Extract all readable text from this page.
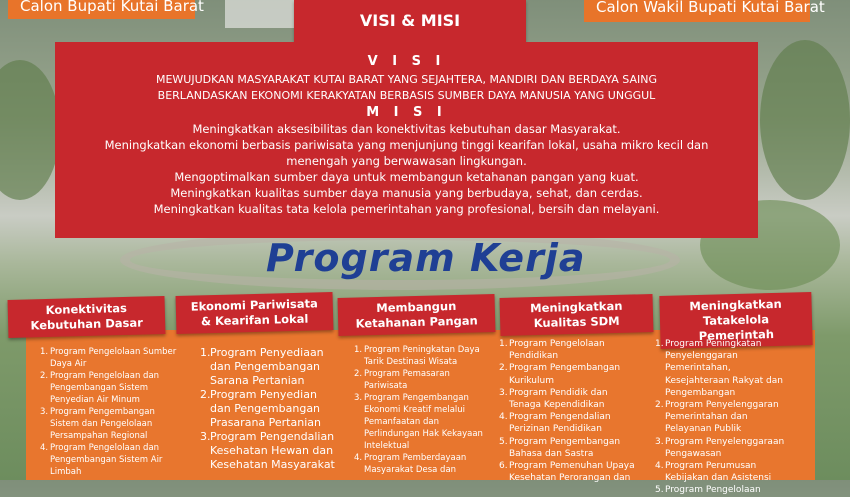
Calon Bupati Kutai Barat	Calon Wakil Bupati Kutai Barat
VISI & MISI
V I S I
MEWUJUDKAN MASYARAKAT KUTAI BARAT YANG SEJAHTERA, MANDIRI DAN BERDAYA SAING
BERLANDASKAN EKONOMI KERAKYATAN BERBASIS SUMBER DAYA MANUSIA YANG UNGGUL
M I S I
Meningkatkan aksesibilitas dan konektivitas kebutuhan dasar Masyarakat.
Meningkatkan ekonomi berbasis pariwisata yang menjunjung tinggi kearifan lokal, usaha mikro kecil dan
menengah yang berwawasan lingkungan.
Mengoptimalkan sumber daya untuk membangun ketahanan pangan yang kuat.
Meningkatkan kualitas sumber daya manusia yang berbudaya, sehat, dan cerdas.
Meningkatkan kualitas tata kelola pemerintahan yang profesional, bersih dan melayani.
Program Kerja
Konektivitas
Kebutuhan Dasar
Ekonomi Pariwisata
& Kearifan Lokal
Membangun
Ketahanan Pangan
Meningkatkan
Kualitas SDM
Meningkatkan
Tatakelola Pemerintah
1. Program Pengelolaan Sumber Daya Air
2. Program Pengelolaan dan Pengembangan Sistem Penyedian Air Minum
3. Program Pengembangan Sistem dan Pengelolaan Persampahan Regional
4. Program Pengelolaan dan Pengembangan Sistem Air Limbah
1. Program Penyediaan dan Pengembangan Sarana Pertanian
2. Program Penyedian dan Pengembangan Prasarana Pertanian
3. Program Pengendalian Kesehatan Hewan dan Kesehatan Masyarakat
1. Program Peningkatan Daya Tarik Destinasi Wisata
2. Program Pemasaran Pariwisata
3. Program Pengembangan Ekonomi Kreatif melalui Pemanfaatan dan Perlindungan Hak Kekayaan Intelektual
4. Program Pemberdayaan Masyarakat Desa dan
1. Program Pengelolaan Pendidikan
2. Program Pengembangan Kurikulum
3. Program Pendidik dan Tenaga Kependidikan
4. Program Pengendalian Perizinan Pendidikan
5. Program Pengembangan Bahasa dan Sastra
6. Program Pemenuhan Upaya Kesehatan Perorangan dan
1. Program Peningkatan Penyelenggaran Pemerintahan, Kesejahteraan Rakyat dan Pengembangan
2. Program Penyelenggaran Pemerintahan dan Pelayanan Publik
3. Program Penyelenggaraan Pengawasan
4. Program Perumusan Kebijakan dan Asistensi
5. Program Pengelolaan
